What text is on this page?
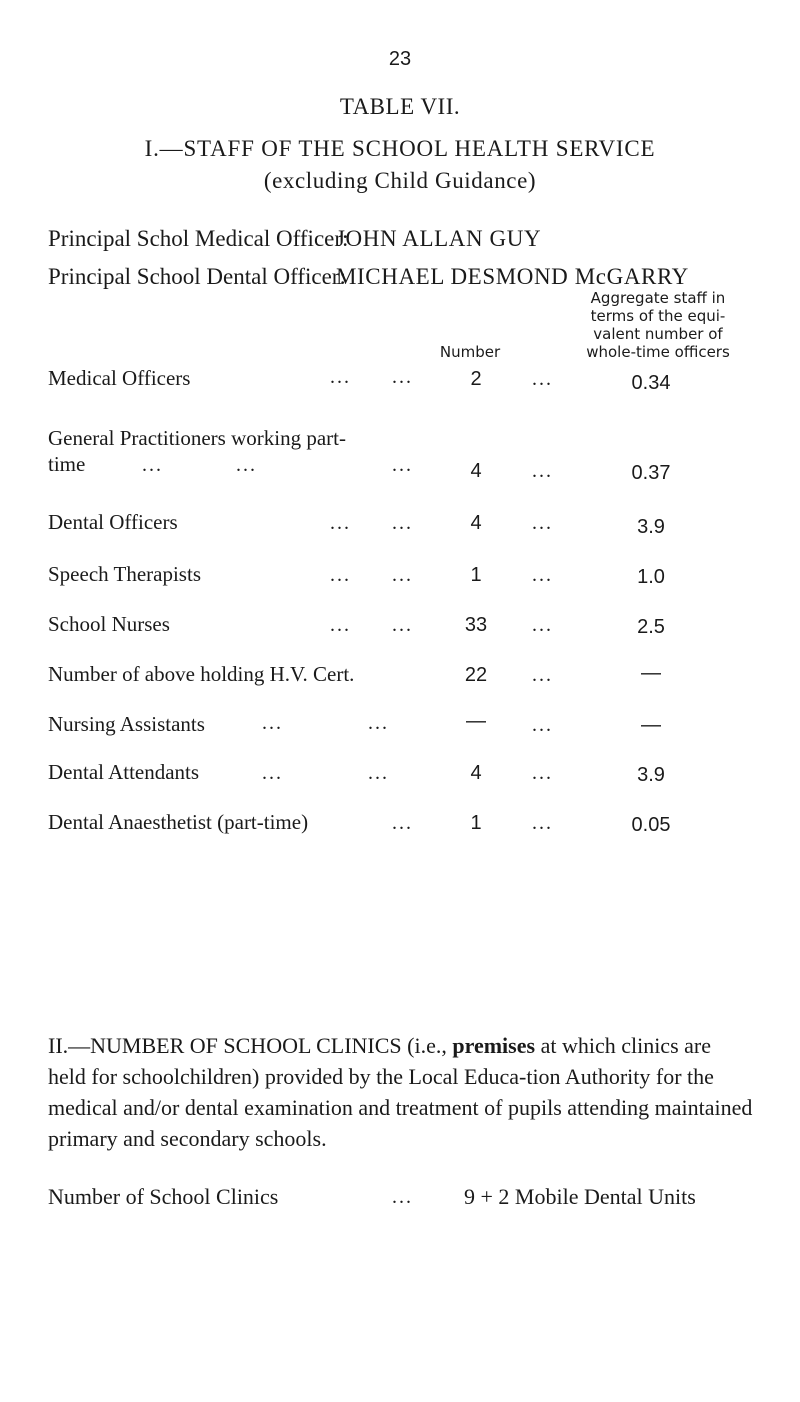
23
TABLE VII.
I.—STAFF OF THE SCHOOL HEALTH SERVICE
(excluding Child Guidance)
Principal Schol Medical Officer:
JOHN ALLAN GUY
Principal School Dental Officer:
MICHAEL DESMOND McGARRY
Number
Aggregate staff in
terms of the equi-
valent number of
whole-time officers
Medical Officers	... ...	2	...	0.34
General Practitioners working part-
time	...	...	...	4	...	0.37
Dental Officers	... ...	4	...	3.9
Speech Therapists	... ...	1	...	1.0
School Nurses	... ...	33	...	2.5
Number of above holding H.V. Cert.	22	...	—
Nursing Assistants	...	...	—	...	—
Dental Attendants	...	...	4	...	3.9
Dental Anaesthetist (part-time)	...	1	...	0.05
II.—NUMBER OF SCHOOL CLINICS (i.e., premises at which clinics are held for schoolchildren) provided by the Local Educa-tion Authority for the medical and/or dental examination and treatment of pupils attending maintained primary and secondary schools.
Number of School Clinics	... 9 + 2 Mobile Dental Units
